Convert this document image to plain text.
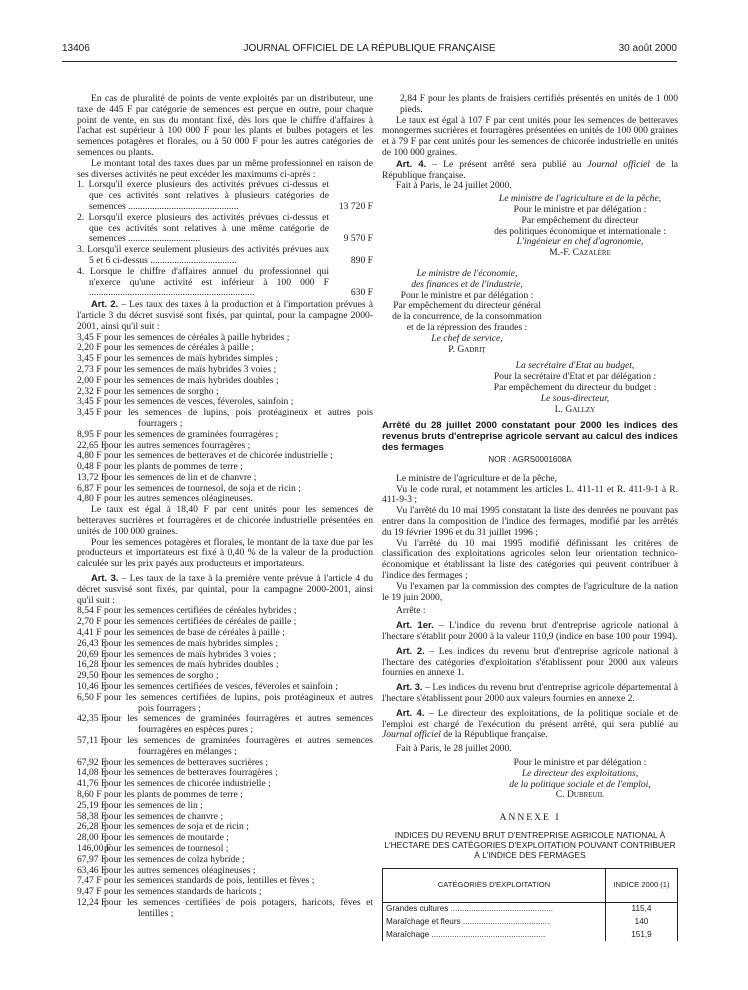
13406	JOURNAL OFFICIEL DE LA RÉPUBLIQUE FRANÇAISE	30 août 2000

En cas de pluralité de points de vente exploités par un distributeur, une taxe de 445 F par catégorie de semences est perçue en outre, pour chaque point de vente, en sus du montant fixé, dès lors que le chiffre d'affaires à l'achat est supérieur à 100 000 F pour les plants et bulbes potagers et les semences potagères et florales, ou à 50 000 F pour les autres catégories de semences ou plants.

Le montant total des taxes dues par un même professionnel en raison de ses diverses activités ne peut excéder les maximums ci-après :

1. Lorsqu'il exerce plusieurs des activités prévues ci-dessus et que ces activités sont relatives à plusieurs catégories de semences ..............................................	13 720 F
2. Lorsqu'il exerce plusieurs des activités prévues ci-dessus et que ces activités sont relatives à une même catégorie de semences ..............................	9 570 F
3. Lorsqu'il exerce seulement plusieurs des activités prévues aux 5 et 6 ci-dessus ....................................	890 F
4. Lorsque le chiffre d'affaires annuel du professionnel qui n'exerce qu'une activité est inférieur à 100 000 F .....................................................................	630 F

Art. 2. – Les taux des taxes à la production et à l'importation prévues à l'article 3 du décret susvisé sont fixés, par quintal, pour la campagne 2000-2001, ainsi qu'il suit :

3,45 F pour les semences de céréales à paille hybrides ;
2,20 F pour les semences de céréales à paille ;
3,45 F pour les semences de maïs hybrides simples ;
2,73 F pour les semences de maïs hybrides 3 voies ;
2,00 F pour les semences de maïs hybrides doubles ;
2,32 F pour les semences de sorgho ;
3,45 F pour les semences de vesces, féveroles, sainfoin ;
3,45 F pour les semences de lupins, pois protéagineux et autres pois fourragers ;
8,95 F pour les semences de graminées fourragères ;
22,65 F
pour les autres semences fourragères ;
4,80 F pour les semences de betteraves et de chicorée industrielle ;
0,48 F pour les plants de pommes de terre ;
13,72 F
pour les semences de lin et de chanvre ;
6,87 F pour les semences de tournesol, de soja et de ricin ;
4,80 F pour les autres semences oléagineuses.

Le taux est égal à 18,40 F par cent unités pour les semences de betteraves sucrières et fourragères et de chicorée industrielle présentées en unités de 100 000 graines.

Pour les semences potagères et florales, le montant de la taxe due par les producteurs et importateurs est fixé à 0,40 % de la valeur de la production calculée sur les prix payés aux producteurs et importateurs.

Art. 3. – Les taux de la taxe à la première vente prévue à l'article 4 du décret susvisé sont fixés, par quintal, pour la campagne 2000-2001, ainsi qu'il suit :

8,54 F pour les semences certifiées de céréales hybrides ;
2,70 F pour les semences certifiées de céréales de paille ;
4,41 F pour les semences de base de céréales à paille ;
26,43 F
pour les semences de maïs hybrides simples ;
20,69 F
pour les semences de maïs hybrides 3 voies ;
16,28 F
pour les semences de maïs hybrides doubles ;
29,50 F
pour les semences de sorgho ;
10,46 F
pour les semences certifiées de vesces, féveroles et sainfoin ;
6,50 F pour les semences certifiées de lupins, pois protéagineux et autres pois fourragers ;
42,35 F
pour les semences de graminées fourragères et autres semences fourragères en espèces pures ;
57,11 F
pour les semences de graminées fourragères et autres semences fourragères en mélanges ;
67,92 F
pour les semences de betteraves sucrières ;
14,08 F
pour les semences de betteraves fourragères ;
41,76 F
pour les semences de chicorée industrielle ;
8,60 F pour les plants de pommes de terre ;
25,19 F
pour les semences de lin ;
58,38 F
pour les semences de chanvre ;
26,28 F
pour les semences de soja et de ricin ;
28,00 F
pour les semences de moutarde ;
146,00 F
pour les semences de tournesol ;
67,97 F
pour les semences de colza hybride ;
63,46 F
pour les autres semences oléagineuses ;
7,47 F pour les semences standards de pois, lentilles et fèves ;
9,47 F pour les semences standards de haricots ;
12,24 F
pour les semences certifiées de pois potagers, haricots, fèves et lentilles ;

2,84 F pour les plants de fraisiers certifiés présentés en unités de 1 000 pieds.

Le taux est égal à 107 F par cent unités pour les semences de betteraves monogermes sucrières et fourragères présentées en unités de 100 000 graines et à 79 F par cent unités pour les semences de chicorée industrielle en unités de 100 000 graines.

Art. 4. – Le présent arrêté sera publié au Journal officiel de la République française.

Fait à Paris, le 24 juillet 2000.

Le ministre de l'agriculture et de la pêche,
Pour le ministre et par délégation :
Par empêchement du directeur
des politiques économique et internationale :
L'ingénieur en chef d'agronomie,
M.-F. Cazalère
Le ministre de l'économie,
des finances et de l'industrie,
Pour le ministre et par délégation :
Par empêchement du directeur général
de la concurrence, de la consommation
et de la répression des fraudes :
Le chef de service,
P. Gadriț
La secrétaire d'Etat au budget,
Pour la secrétaire d'Etat et par délégation :
Par empêchement du directeur du budget :
Le sous-directeur,
L. Gallzy

Arrêté du 28 juillet 2000 constatant pour 2000 les indices des revenus bruts d'entreprise agricole servant au calcul des indices des fermages

NOR : AGRS0001608A

Le ministre de l'agriculture et de la pêche,

Vu le code rural, et notamment les articles L. 411-11 et R. 411-9-1 à R. 411-9-3 ;

Vu l'arrêté du 10 mai 1995 constatant la liste des denrées ne pouvant pas entrer dans la composition de l'indice des fermages, modifié par les arrêtés du 19 février 1996 et du 31 juillet 1996 ;

Vu l'arrêté du 10 mai 1995 modifié définissant les critères de classification des exploitations agricoles selon leur orientation technico-économique et établissant la liste des catégories qui peuvent contribuer à l'indice des fermages ;

Vu l'examen par la commission des comptes de l'agriculture de la nation le 19 juin 2000,

Arrête :

Art. 1er. – L'indice du revenu brut d'entreprise agricole national à l'hectare s'établit pour 2000 à la valeur 110,9 (indice en base 100 pour 1994).

Art. 2. – Les indices du revenu brut d'entreprise agricole national à l'hectare des catégories d'exploitation s'établissent pour 2000 aux valeurs fournies en annexe 1.

Art. 3. – Les indices du revenu brut d'entreprise agricole départemental à l'hectare s'établissent pour 2000 aux valeurs fournies en annexe 2.

Art. 4. – Le directeur des exploitations, de la politique sociale et de l'emploi est chargé de l'exécution du présent arrêté, qui sera publié au Journal officiel de la République française.

Fait à Paris, le 28 juillet 2000.

Pour le ministre et par délégation :
Le directeur des exploitations,
de la politique sociale et de l'emploi,
C. Dubreuil
ANNEXE I
INDICES DU REVENU BRUT D'ENTREPRISE AGRICOLE NATIONAL À L'HECTARE DES CATÉGORIES D'EXPLOITATION POUVANT CONTRIBUER À L'INDICE DES FERMAGES
CATÉGORIES D'EXPLOITATION	INDICE 2000 (1)
Grandes cultures .............................................	115,4
Maraîchage et fleurs ......................................	140
Maraîchage ..................................................	151,9
